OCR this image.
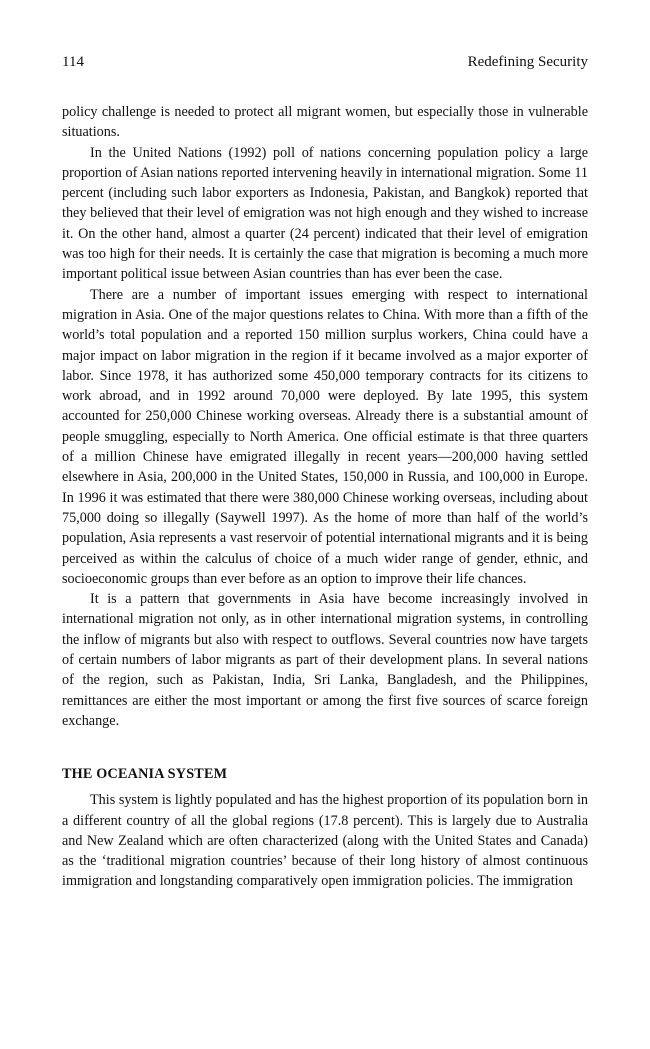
114	Redefining Security

policy challenge is needed to protect all migrant women, but especially those in vulnerable situations.

In the United Nations (1992) poll of nations concerning population policy a large proportion of Asian nations reported intervening heavily in international migration. Some 11 percent (including such labor exporters as Indonesia, Pakistan, and Bangkok) reported that they believed that their level of emigration was not high enough and they wished to increase it. On the other hand, almost a quarter (24 percent) indicated that their level of emigration was too high for their needs. It is certainly the case that migration is becoming a much more important political issue between Asian countries than has ever been the case.

There are a number of important issues emerging with respect to international migration in Asia. One of the major questions relates to China. With more than a fifth of the world’s total population and a reported 150 million surplus workers, China could have a major impact on labor migration in the region if it became involved as a major exporter of labor. Since 1978, it has authorized some 450,000 temporary contracts for its citizens to work abroad, and in 1992 around 70,000 were deployed. By late 1995, this system accounted for 250,000 Chinese working overseas. Already there is a substantial amount of people smuggling, especially to North America. One official estimate is that three quarters of a million Chinese have emigrated illegally in recent years—200,000 having settled elsewhere in Asia, 200,000 in the United States, 150,000 in Russia, and 100,000 in Europe. In 1996 it was estimated that there were 380,000 Chinese working overseas, including about 75,000 doing so illegally (Saywell 1997). As the home of more than half of the world’s population, Asia represents a vast reservoir of potential international migrants and it is being perceived as within the calculus of choice of a much wider range of gender, ethnic, and socioeconomic groups than ever before as an option to improve their life chances.

It is a pattern that governments in Asia have become increasingly involved in international migration not only, as in other international migration systems, in controlling the inflow of migrants but also with respect to outflows. Several countries now have targets of certain numbers of labor migrants as part of their development plans. In several nations of the region, such as Pakistan, India, Sri Lanka, Bangladesh, and the Philippines, remittances are either the most important or among the first five sources of scarce foreign exchange.

THE OCEANIA SYSTEM

This system is lightly populated and has the highest proportion of its population born in a different country of all the global regions (17.8 percent). This is largely due to Australia and New Zealand which are often characterized (along with the United States and Canada) as the ‘traditional migration countries’ because of their long history of almost continuous immigration and longstanding comparatively open immigration policies. The immigration
